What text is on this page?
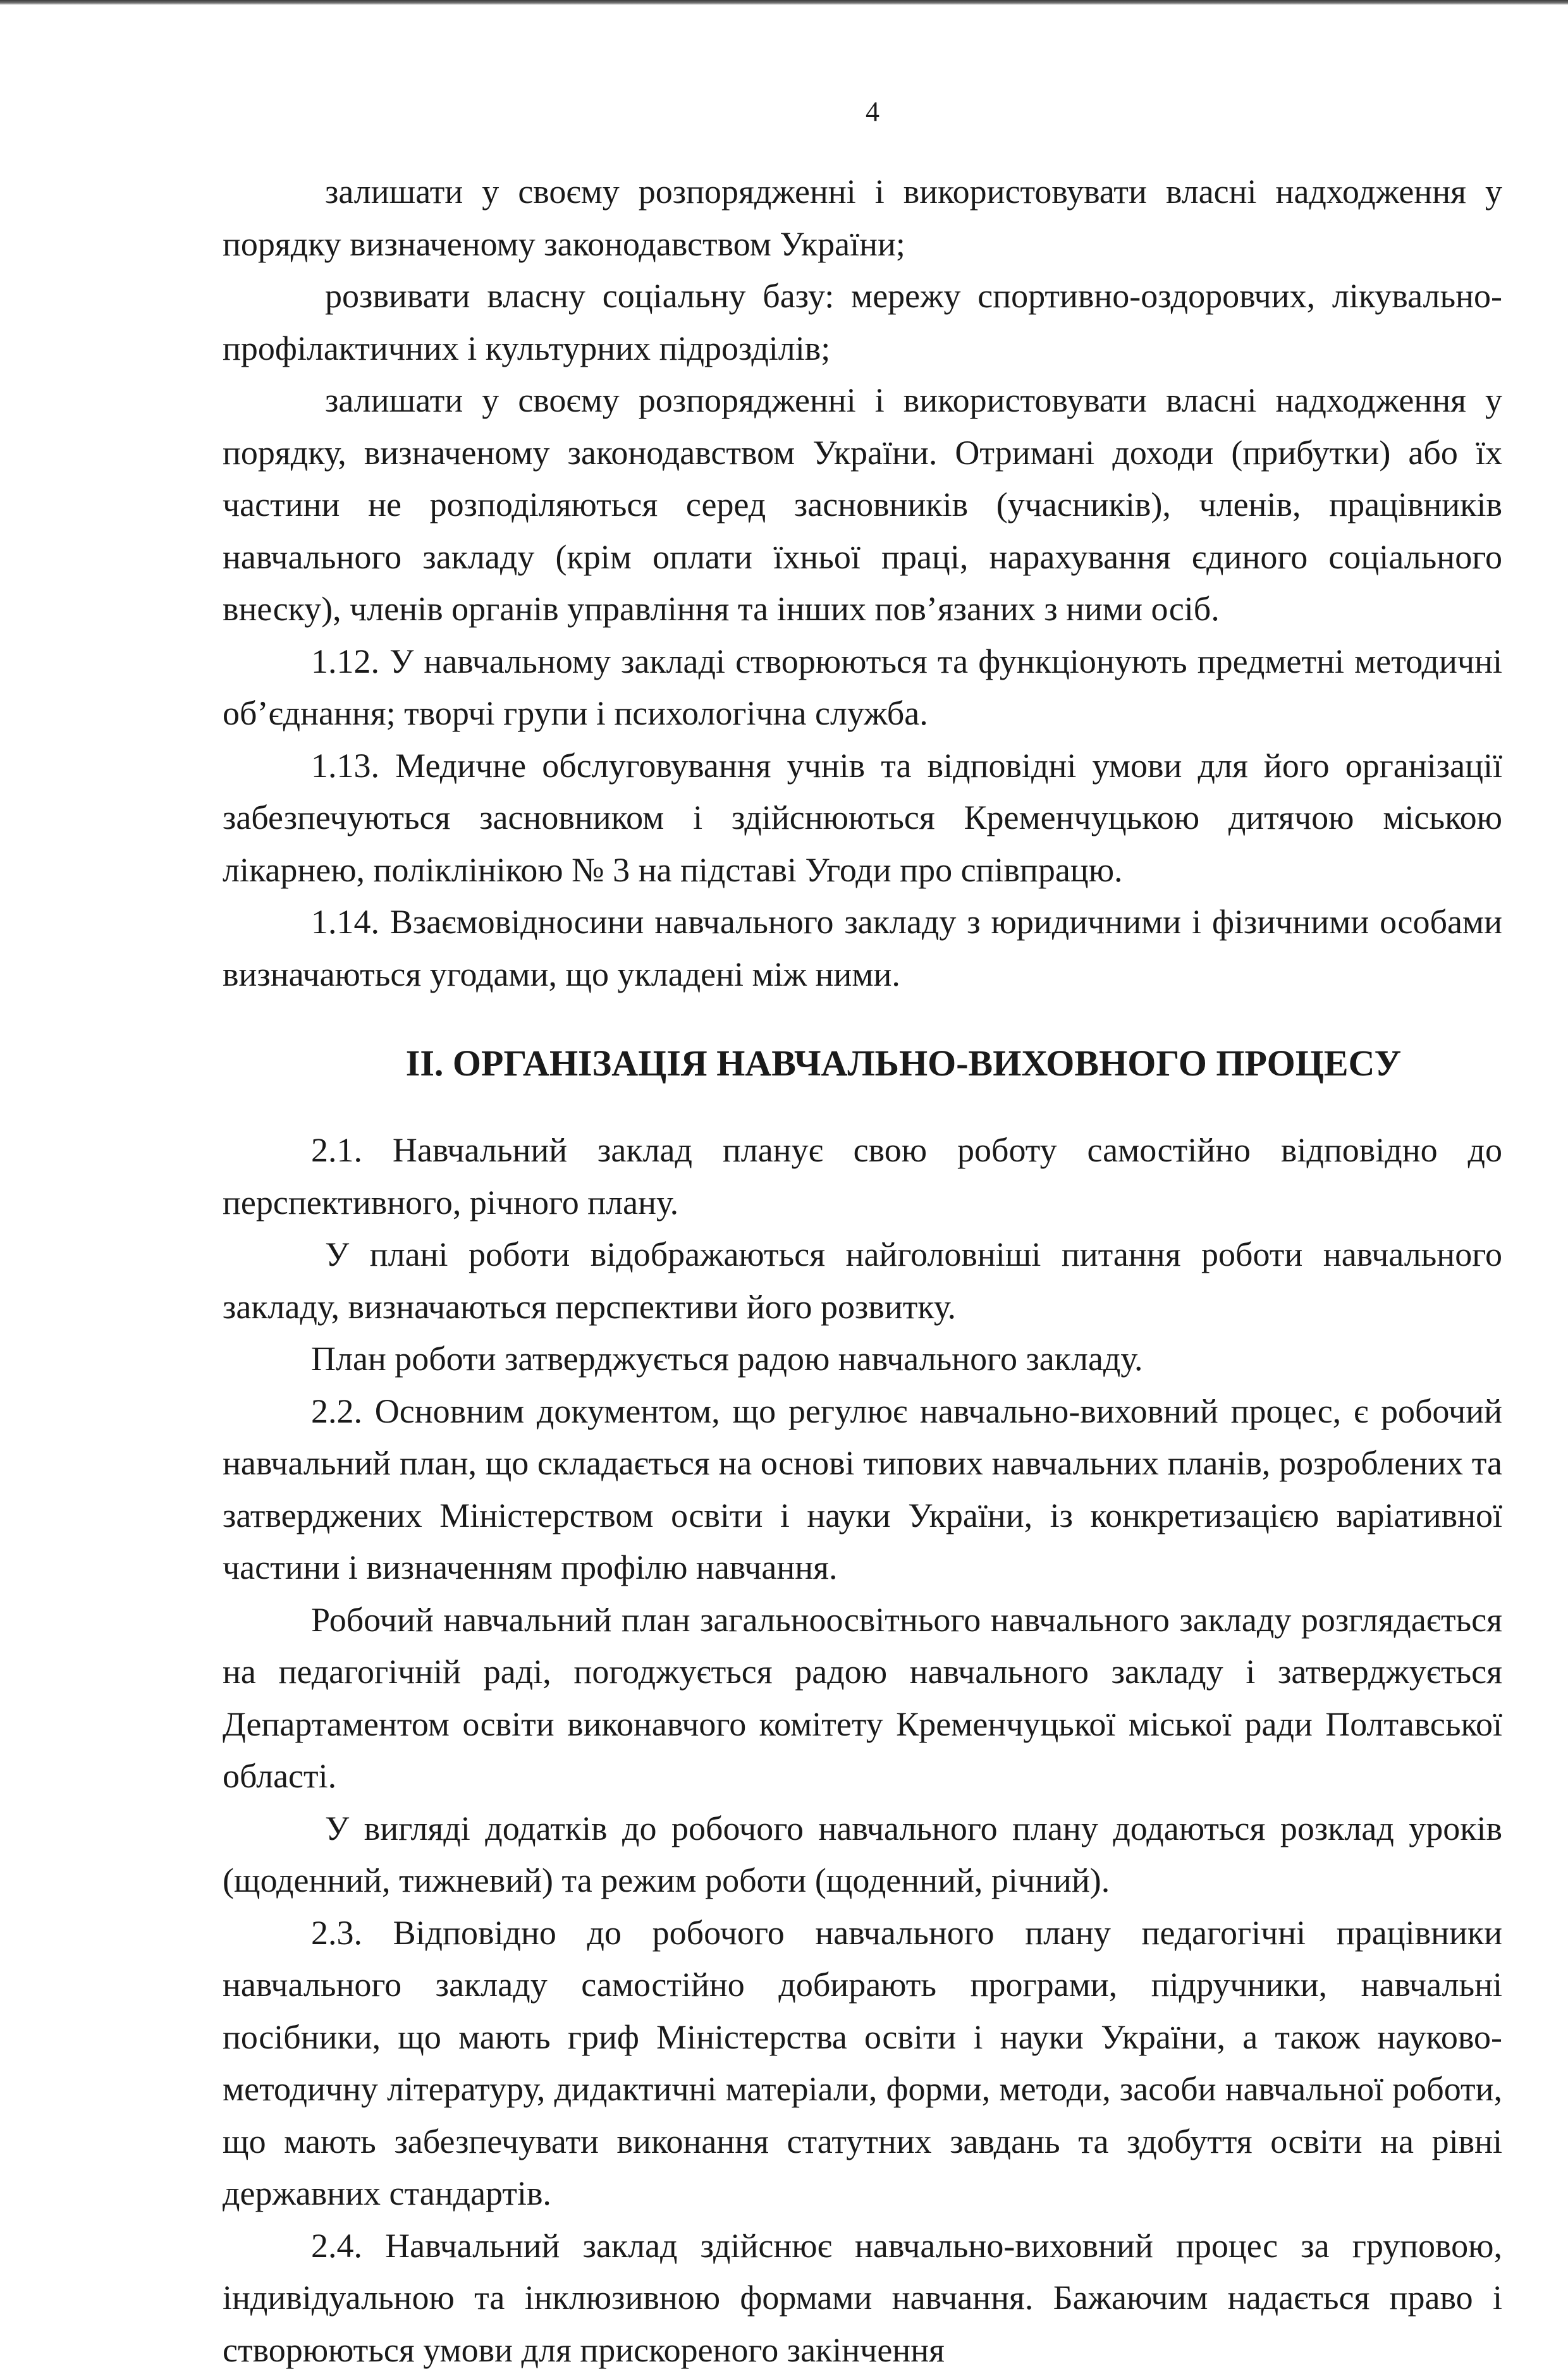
4

залишати у своєму розпорядженні і використовувати власні надходження у порядку визначеному законодавством України;

розвивати власну соціальну базу: мережу спортивно-оздоровчих, лікувально-профілактичних і культурних підрозділів;

залишати у своєму розпорядженні і використовувати власні надходження у порядку, визначеному законодавством України. Отримані доходи (прибутки) або їх частини не розподіляються серед засновників (учасників), членів, працівників навчального закладу (крім оплати їхньої праці, нарахування єдиного соціального внеску), членів органів управління та інших пов’язаних з ними осіб.

1.12. У навчальному закладі створюються та функціонують предметні методичні об’єднання; творчі групи і психологічна служба.

1.13. Медичне обслуговування учнів та відповідні умови для його організації забезпечуються засновником і здійснюються Кременчуцькою дитячою міською лікарнею, поліклінікою № 3 на підставі Угоди про співпрацю.

1.14. Взаємовідносини навчального закладу з юридичними і фізичними особами визначаються угодами, що укладені між ними.

ІІ. ОРГАНІЗАЦІЯ НАВЧАЛЬНО-ВИХОВНОГО ПРОЦЕСУ

2.1. Навчальний заклад планує свою роботу самостійно відповідно до перспективного, річного плану.

У плані роботи відображаються найголовніші питання роботи навчального закладу, визначаються перспективи його розвитку.

План роботи затверджується радою навчального закладу.

2.2. Основним документом, що регулює навчально-виховний процес, є робочий навчальний план, що складається на основі типових навчальних планів, розроблених та затверджених Міністерством освіти і науки України, із конкретизацією варіативної частини і визначенням профілю навчання.

Робочий навчальний план загальноосвітнього навчального закладу розглядається на педагогічній раді, погоджується радою навчального закладу і затверджується Департаментом освіти виконавчого комітету Кременчуцької міської ради Полтавської області.

У вигляді додатків до робочого навчального плану додаються розклад уроків (щоденний, тижневий) та режим роботи (щоденний, річний).

2.3. Відповідно до робочого навчального плану педагогічні працівники навчального закладу самостійно добирають програми, підручники, навчальні посібники, що мають гриф Міністерства освіти і науки України, а також науково-методичну літературу, дидактичні матеріали, форми, методи, засоби навчальної роботи, що мають забезпечувати виконання статутних завдань та здобуття освіти на рівні державних стандартів.

2.4. Навчальний заклад здійснює навчально-виховний процес за груповою, індивідуальною та інклюзивною формами навчання. Бажаючим надається право і створюються умови для прискореного закінчення
